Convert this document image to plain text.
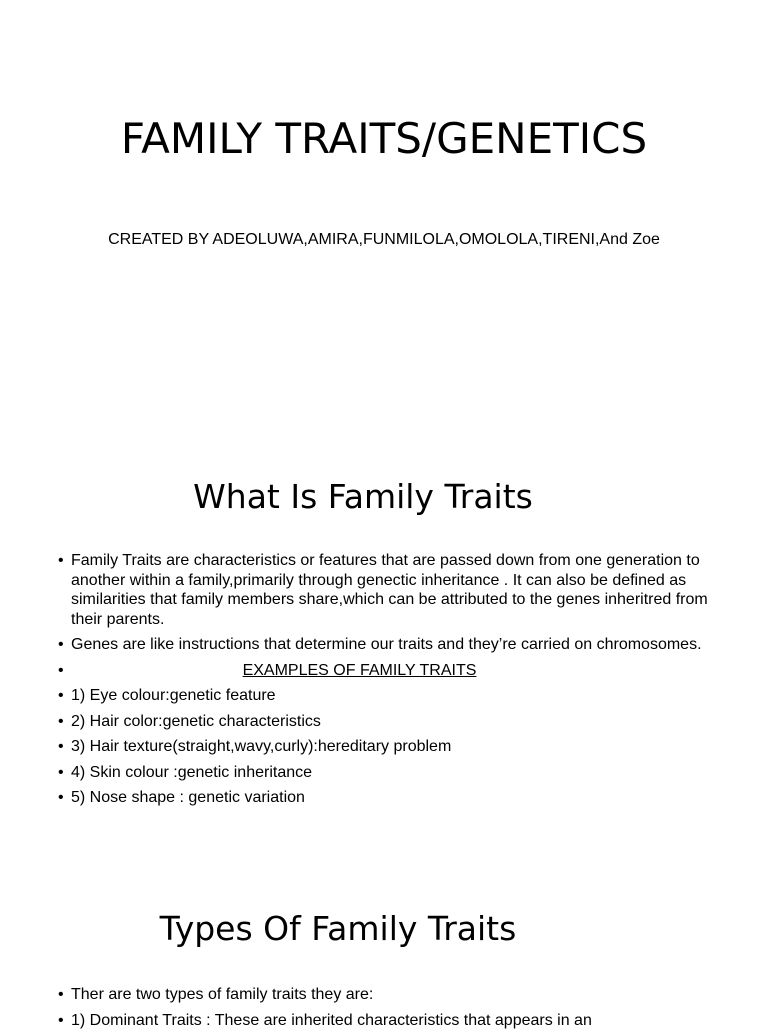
FAMILY TRAITS/GENETICS

CREATED BY ADEOLUWA,AMIRA,FUNMILOLA,OMOLOLA,TIRENI,And Zoe

What Is Family Traits
• Family Traits are characteristics or features that are passed down from one generation to another within a family,primarily through genectic inheritance . It can also be defined as similarities that family members share,which can be attributed to the genes inheritred from their parents.
• Genes are like instructions that determine our traits and they’re carried on chromosomes.
• EXAMPLES OF FAMILY TRAITS
• 1) Eye colour:genetic feature
• 2) Hair color:genetic characteristics
• 3) Hair texture(straight,wavy,curly):hereditary problem
• 4) Skin colour :genetic inheritance
• 5) Nose shape : genetic variation
Types Of Family Traits
• Ther are two types of family traits they are:
• 1) Dominant Traits : These are inherited characteristics that appears in an
